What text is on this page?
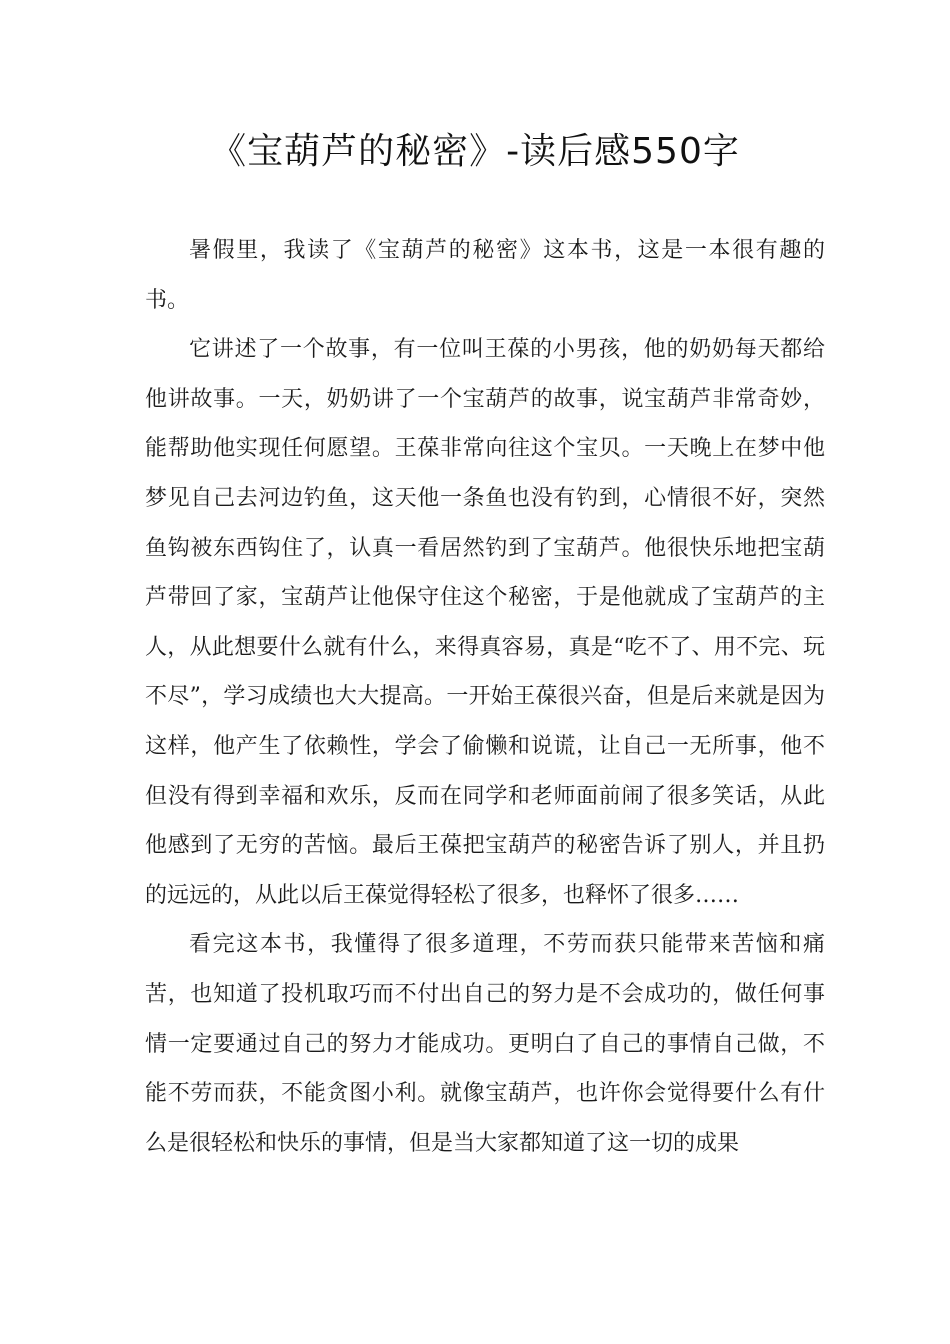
《宝葫芦的秘密》-读后感550字

暑假里，我读了《宝葫芦的秘密》这本书，这是一本很有趣的书。

它讲述了一个故事，有一位叫王葆的小男孩，他的奶奶每天都给他讲故事。一天，奶奶讲了一个宝葫芦的故事，说宝葫芦非常奇妙，能帮助他实现任何愿望。王葆非常向往这个宝贝。一天晚上在梦中他梦见自己去河边钓鱼，这天他一条鱼也没有钓到，心情很不好，突然鱼钩被东西钩住了，认真一看居然钓到了宝葫芦。他很快乐地把宝葫芦带回了家，宝葫芦让他保守住这个秘密，于是他就成了宝葫芦的主人，从此想要什么就有什么，来得真容易，真是“吃不了、用不完、玩不尽”，学习成绩也大大提高。一开始王葆很兴奋，但是后来就是因为这样，他产生了依赖性，学会了偷懒和说谎，让自己一无所事，他不但没有得到幸福和欢乐，反而在同学和老师面前闹了很多笑话，从此他感到了无穷的苦恼。最后王葆把宝葫芦的秘密告诉了别人，并且扔的远远的，从此以后王葆觉得轻松了很多，也释怀了很多……

看完这本书，我懂得了很多道理，不劳而获只能带来苦恼和痛苦，也知道了投机取巧而不付出自己的努力是不会成功的，做任何事情一定要通过自己的努力才能成功。更明白了自己的事情自己做，不能不劳而获，不能贪图小利。就像宝葫芦，也许你会觉得要什么有什么是很轻松和快乐的事情，但是当大家都知道了这一切的成果
